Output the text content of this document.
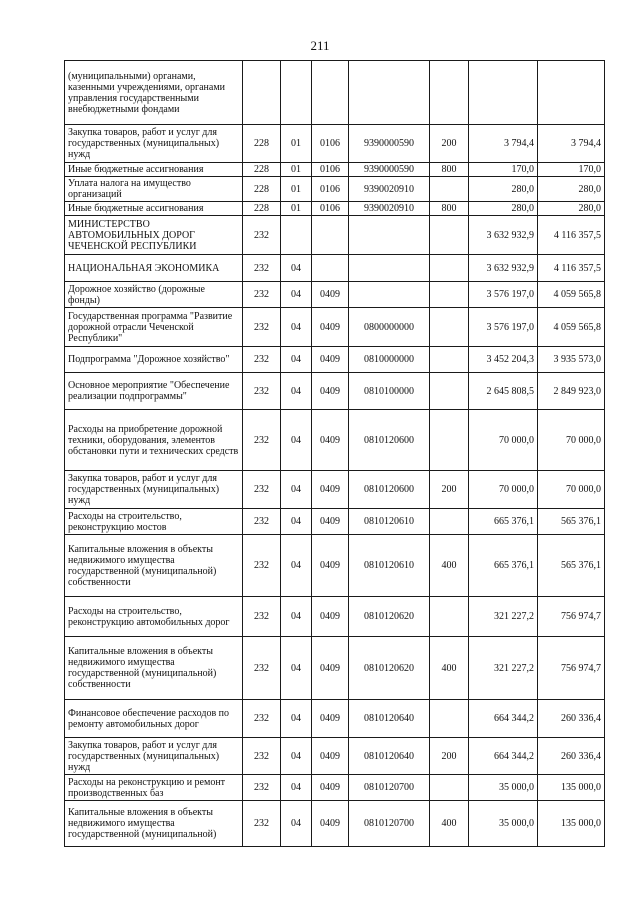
211
(муниципальными) органами, казенными учреждениями, органами управления государственными внебюджетными фондами							
Закупка товаров, работ и услуг для государственных (муниципальных) нужд	228	01	0106	9390000590	200	3 794,4	3 794,4
Иные бюджетные ассигнования	228	01	0106	9390000590	800	170,0	170,0
Уплата налога на имущество организаций	228	01	0106	9390020910		280,0	280,0
Иные бюджетные ассигнования	228	01	0106	9390020910	800	280,0	280,0
МИНИСТЕРСТВО АВТОМОБИЛЬНЫХ ДОРОГ ЧЕЧЕНСКОЙ РЕСПУБЛИКИ	232					3 632 932,9	4 116 357,5
НАЦИОНАЛЬНАЯ ЭКОНОМИКА	232	04				3 632 932,9	4 116 357,5
Дорожное хозяйство (дорожные фонды)	232	04	0409			3 576 197,0	4 059 565,8
Государственная программа "Развитие дорожной отрасли Чеченской Республики"	232	04	0409	0800000000		3 576 197,0	4 059 565,8
Подпрограмма "Дорожное хозяйство"	232	04	0409	0810000000		3 452 204,3	3 935 573,0
Основное мероприятие "Обеспечение реализации подпрограммы"	232	04	0409	0810100000		2 645 808,5	2 849 923,0
Расходы на приобретение дорожной техники, оборудования, элементов обстановки пути и технических средств	232	04	0409	0810120600		70 000,0	70 000,0
Закупка товаров, работ и услуг для государственных (муниципальных) нужд	232	04	0409	0810120600	200	70 000,0	70 000,0
Расходы на строительство, реконструкцию мостов	232	04	0409	0810120610		665 376,1	565 376,1
Капитальные вложения в объекты недвижимого имущества государственной (муниципальной) собственности	232	04	0409	0810120610	400	665 376,1	565 376,1
Расходы на строительство, реконструкцию автомобильных дорог	232	04	0409	0810120620		321 227,2	756 974,7
Капитальные вложения в объекты недвижимого имущества государственной (муниципальной) собственности	232	04	0409	0810120620	400	321 227,2	756 974,7
Финансовое обеспечение расходов по ремонту автомобильных дорог	232	04	0409	0810120640		664 344,2	260 336,4
Закупка товаров, работ и услуг для государственных (муниципальных) нужд	232	04	0409	0810120640	200	664 344,2	260 336,4
Расходы на реконструкцию и ремонт производственных баз	232	04	0409	0810120700		35 000,0	135 000,0
Капитальные вложения в объекты недвижимого имущества государственной (муниципальной)	232	04	0409	0810120700	400	35 000,0	135 000,0
